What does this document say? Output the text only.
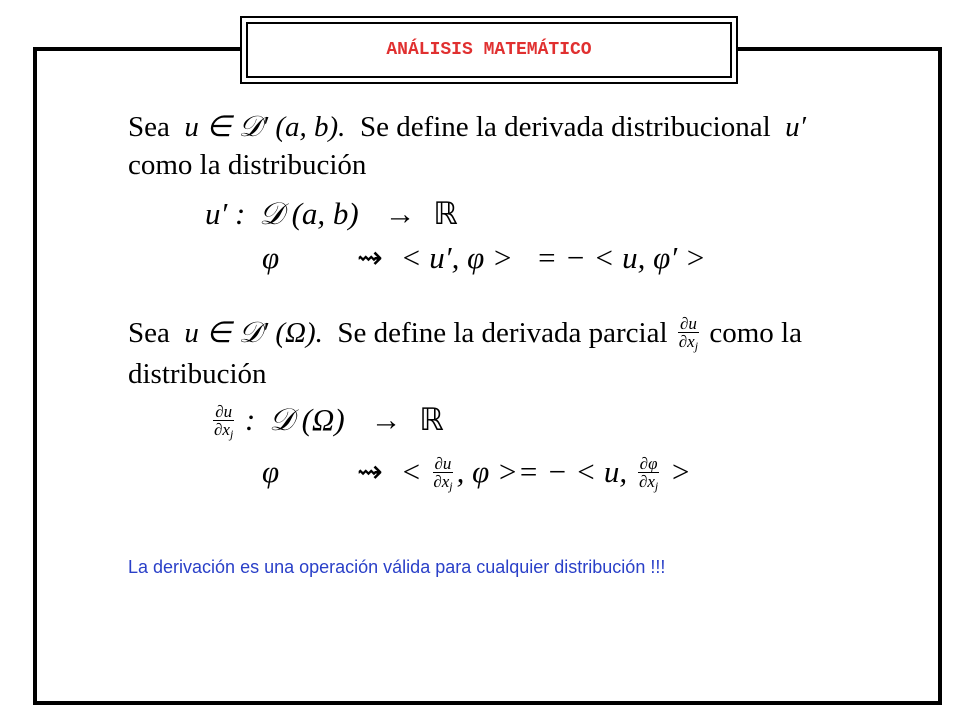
ANÁLISIS MATEMÁTICO
Sea  u ∈ 𝒟′ (a, b). Se define la derivada distribucional  u′
como la distribución
u′ : 𝒟 (a, b) → ℝ
φ	⇝ < u′, φ >   = − < u, φ′ >
Sea  u ∈ 𝒟′ (Ω). Se define la derivada parcial $\frac{\partial u}{\partial x_j}$ como la
distribución
$\frac{\partial u}{\partial x_j}$ : 𝒟 (Ω) → ℝ
φ	⇝ < $\frac{\partial u}{\partial x_j}$ , φ >= − < u, $\frac{\partial\varphi}{\partial x_j}$ >
La derivación es una operación válida para cualquier distribución !!!
